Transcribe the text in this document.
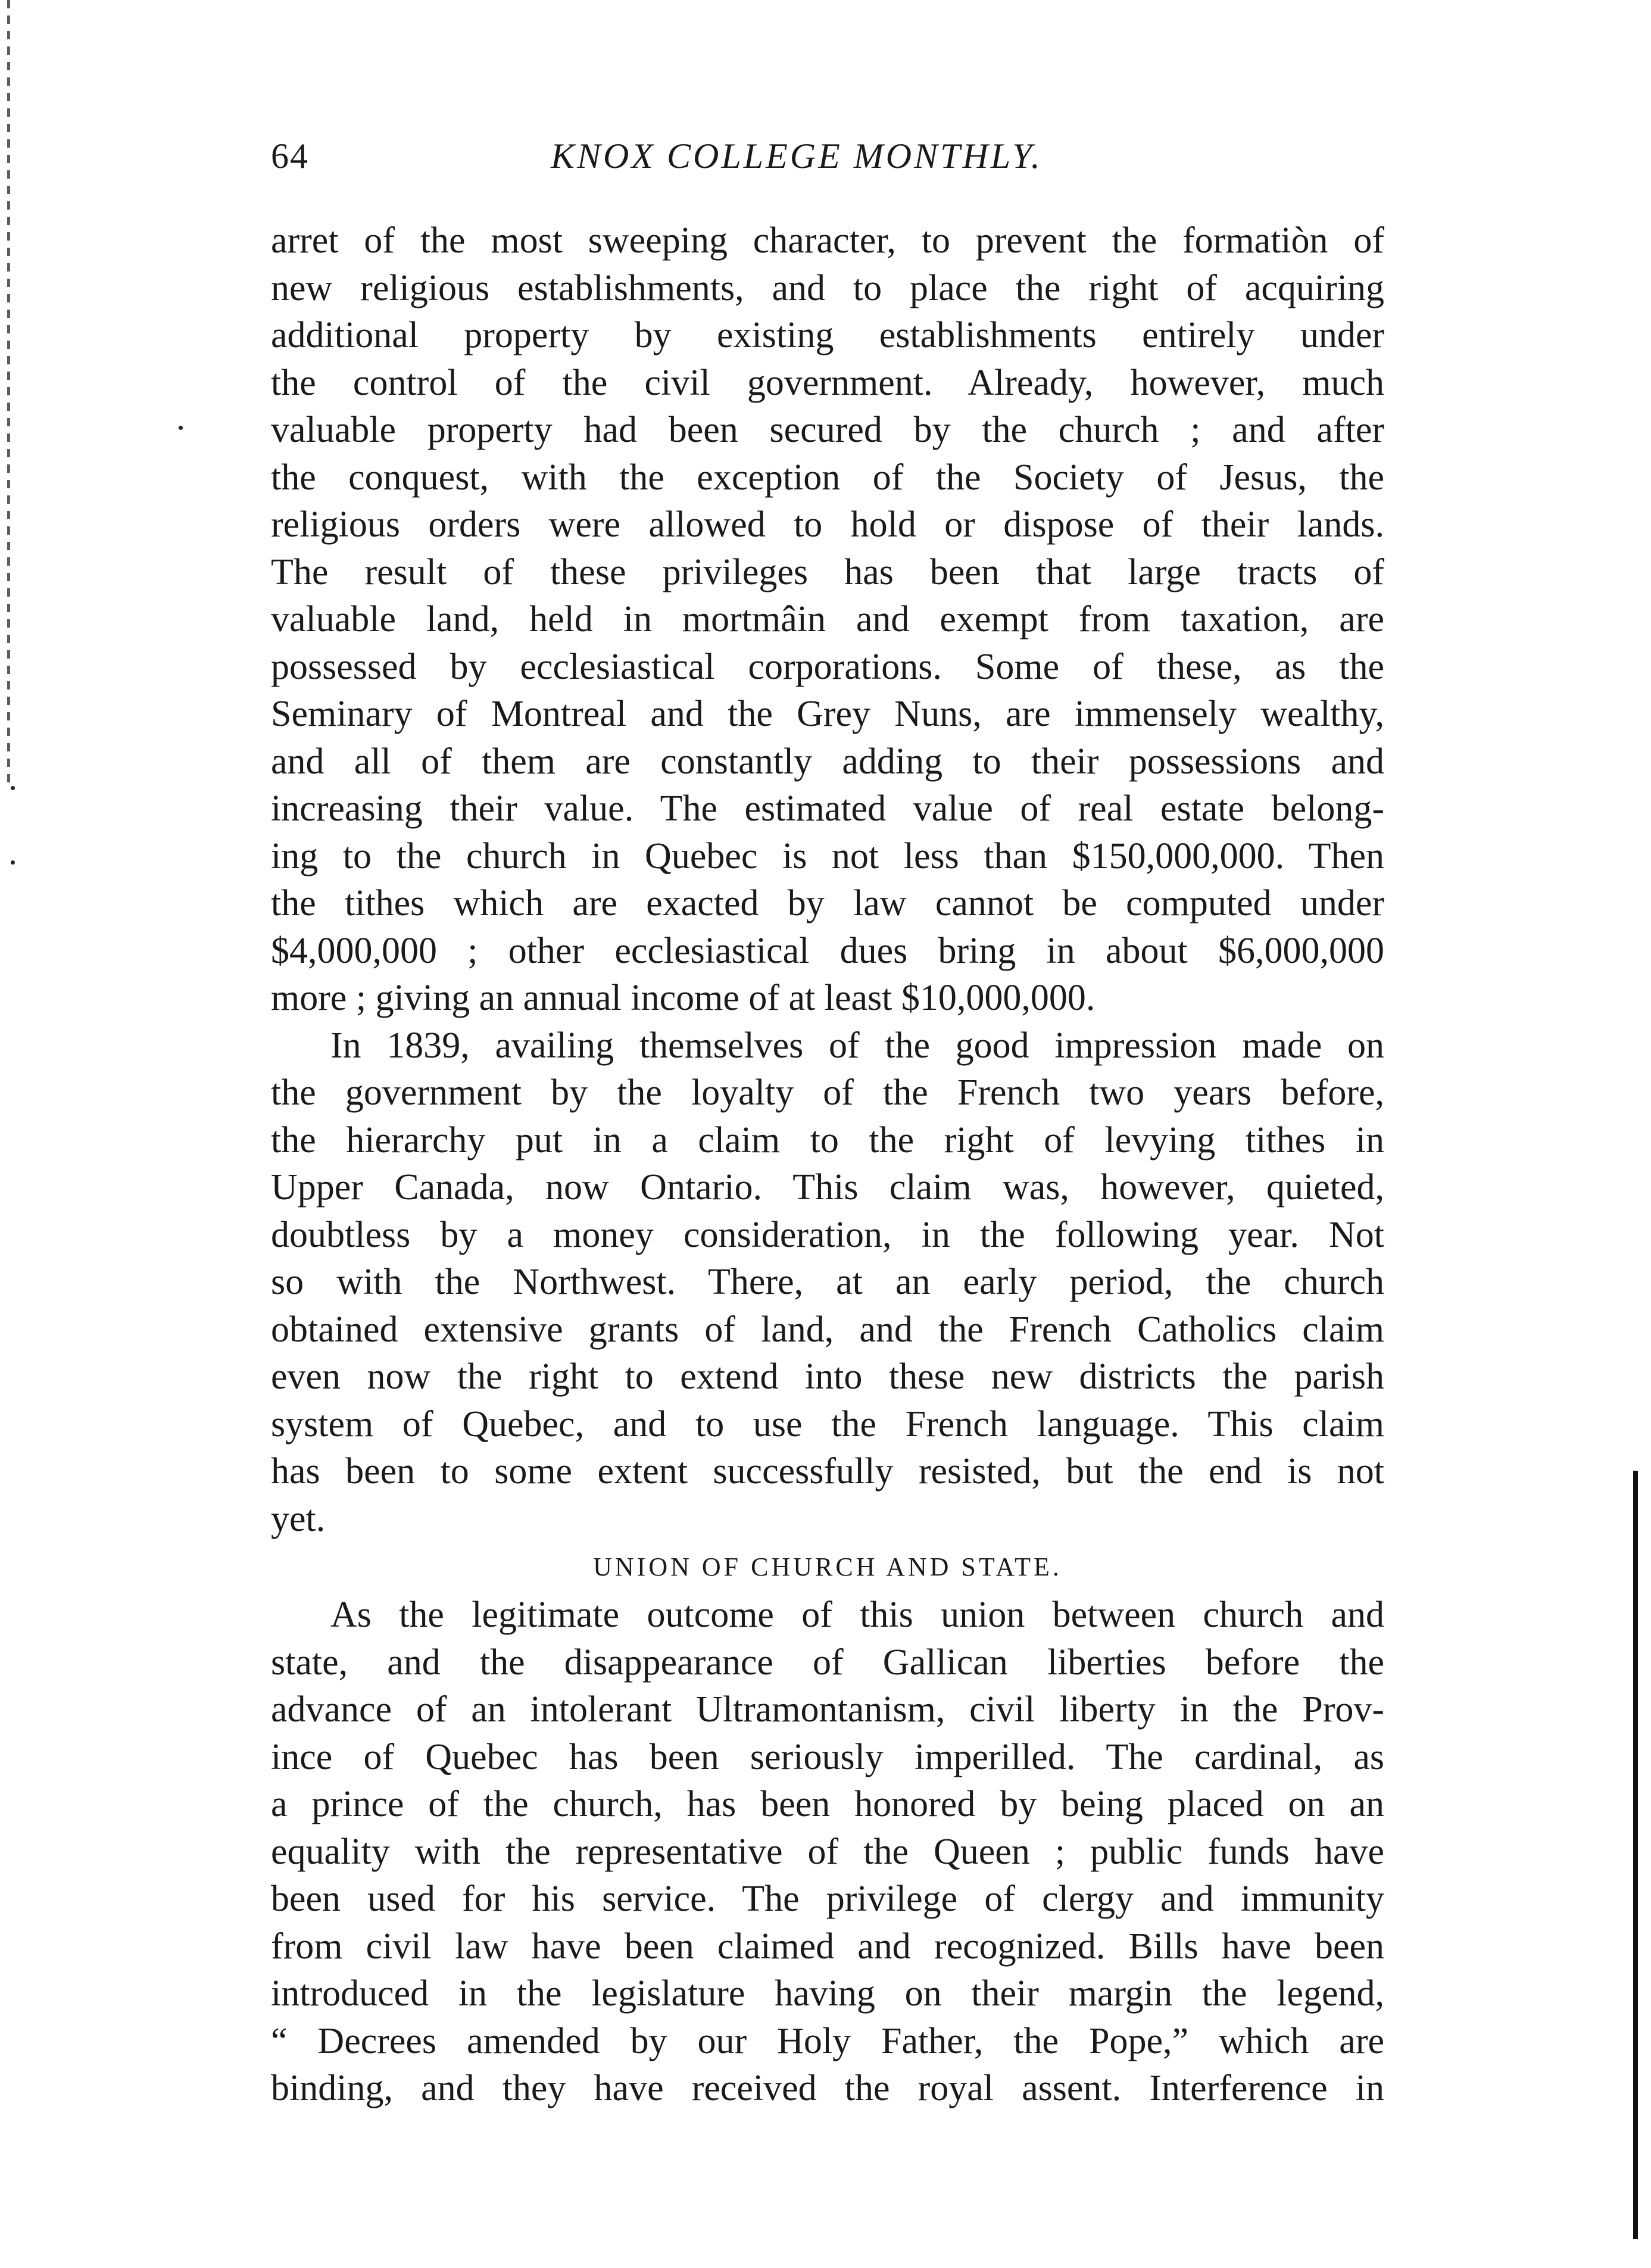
64	KNOX COLLEGE MONTHLY.
arret of the most sweeping character, to prevent the formatiòn of
new religious establishments, and to place the right of acquiring
additional property by existing establishments entirely under
the control of the civil government. Already, however, much
valuable property had been secured by the church ; and after
the conquest, with the exception of the Society of Jesus, the
religious orders were allowed to hold or dispose of their lands.
The result of these privileges has been that large tracts of
valuable land, held in mortmâin and exempt from taxation, are
possessed by ecclesiastical corporations. Some of these, as the
Seminary of Montreal and the Grey Nuns, are immensely wealthy,
and all of them are constantly adding to their possessions and
increasing their value. The estimated value of real estate belong-
ing to the church in Quebec is not less than $150,000,000. Then
the tithes which are exacted by law cannot be computed under
$4,000,000 ; other ecclesiastical dues bring in about $6,000,000
more ; giving an annual income of at least $10,000,000.
In 1839, availing themselves of the good impression made on
the government by the loyalty of the French two years before,
the hierarchy put in a claim to the right of levying tithes in
Upper Canada, now Ontario. This claim was, however, quieted,
doubtless by a money consideration, in the following year. Not
so with the Northwest. There, at an early period, the church
obtained extensive grants of land, and the French Catholics claim
even now the right to extend into these new districts the parish
system of Quebec, and to use the French language. This claim
has been to some extent successfully resisted, but the end is not
yet.
UNION OF CHURCH AND STATE.
As the legitimate outcome of this union between church and
state, and the disappearance of Gallican liberties before the
advance of an intolerant Ultramontanism, civil liberty in the Prov-
ince of Quebec has been seriously imperilled. The cardinal, as
a prince of the church, has been honored by being placed on an
equality with the representative of the Queen ; public funds have
been used for his service. The privilege of clergy and immunity
from civil law have been claimed and recognized. Bills have been
introduced in the legislature having on their margin the legend,
“ Decrees amended by our Holy Father, the Pope,” which are
binding, and they have received the royal assent. Interference in
